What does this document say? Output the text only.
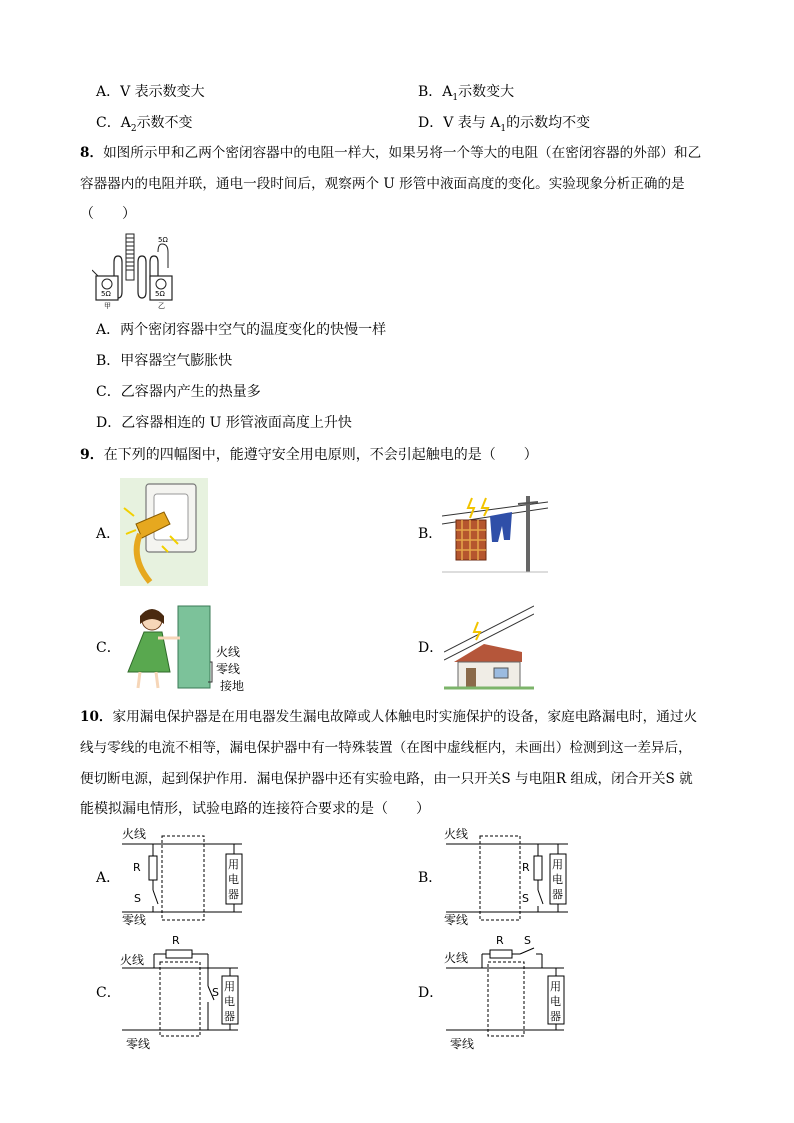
A．V 表示数变大	B．$A_1$示数变大
C．$A_2$示数不变	D．V 表与 $A_1$的示数均不变
8．如图所示甲和乙两个密闭容器中的电阻一样大，如果另将一个等大的电阻（在密闭容器的外部）和乙
容器器内的电阻并联，通电一段时间后，观察两个 U 形管中液面高度的变化。实验现象分析正确的是
（　　）
5Ω
5Ω	5Ω
甲	乙
A．两个密闭容器中空气的温度变化的快慢一样
B．甲容器空气膨胀快
C．乙容器内产生的热量多
D．乙容器相连的 U 形管液面高度上升快
9．在下列的四幅图中，能遵守安全用电原则，不会引起触电的是（　　）
A．	B．
C．	火线
零线
接地
D．
10．家用漏电保护器是在用电器发生漏电故障或人体触电时实施保护的设备，家庭电路漏电时，通过火
线与零线的电流不相等，漏电保护器中有一特殊装置（在图中虚线框内，未画出）检测到这一差异后，
便切断电源，起到保护作用．漏电保护器中还有实验电路，由一只开关S 与电阻R 组成，闭合开关S 就
能模拟漏电情形，试验电路的连接符合要求的是（　　）
A．
火线
零线
R
S
用
电
器
B．
火线
零线
R
S
用
电
器
C．
R
火线
零线
S 用
电
器
D．
R S
火线
零线
用
电
器
